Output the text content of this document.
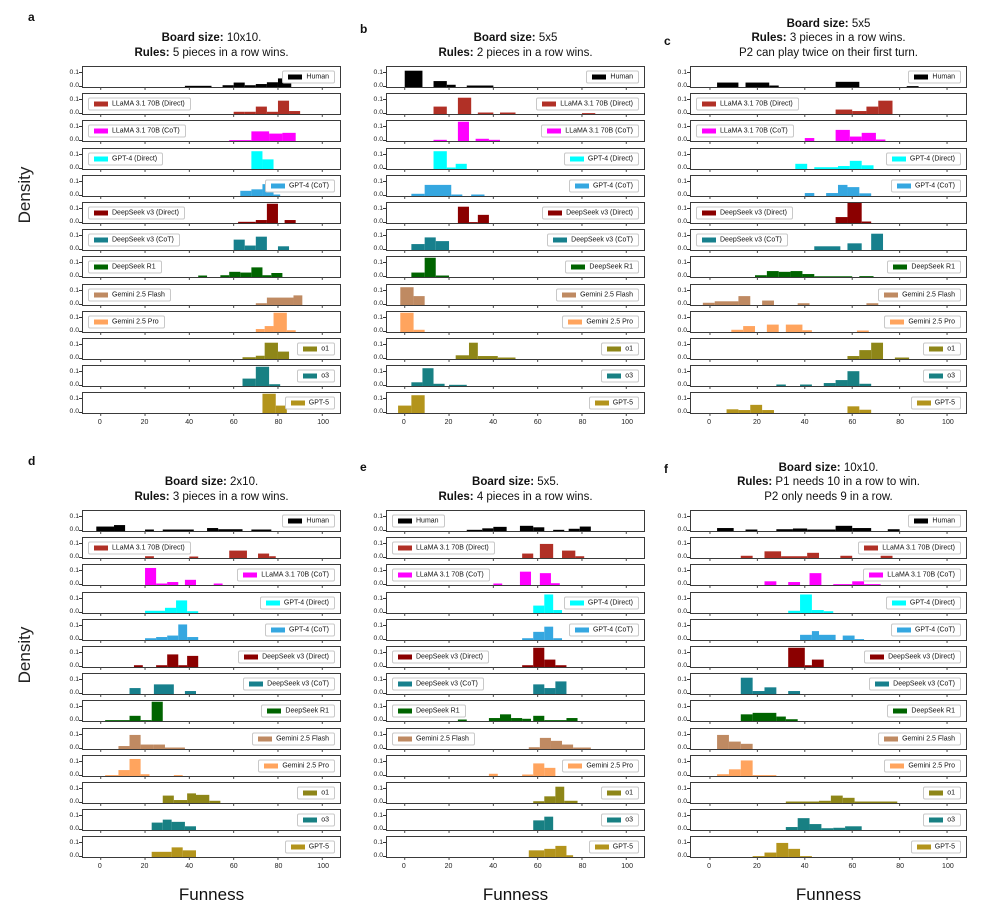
Density
Density
a
Board size: 10x10.
Rules: 5 pieces in a row wins.
0.1
0.0
Human
0.1
0.0
LLaMA 3.1 70B (Direct)
0.1
0.0
LLaMA 3.1 70B (CoT)
0.1
0.0
GPT-4 (Direct)
0.1
0.0
GPT-4 (CoT)
0.1
0.0
DeepSeek v3 (Direct)
0.1
0.0
DeepSeek v3 (CoT)
0.1
0.0
DeepSeek R1
0.1
0.0
Gemini 2.5 Flash
0.1
0.0
Gemini 2.5 Pro
0.1
0.0
o1
0.1
0.0
o3
0.1
0.0
GPT-5
0	20	40	60	80	100
b
Board size: 5x5
Rules: 2 pieces in a row wins.
0.1
0.0
Human
0.1
0.0
LLaMA 3.1 70B (Direct)
0.1
0.0
LLaMA 3.1 70B (CoT)
0.1
0.0
GPT-4 (Direct)
0.1
0.0
GPT-4 (CoT)
0.1
0.0
DeepSeek v3 (Direct)
0.1
0.0
DeepSeek v3 (CoT)
0.1
0.0
DeepSeek R1
0.1
0.0
Gemini 2.5 Flash
0.1
0.0
Gemini 2.5 Pro
0.1
0.0
o1
0.1
0.0
o3
0.1
0.0
GPT-5
0	20	40	60	80	100
c
Board size: 5x5
Rules: 3 pieces in a row wins.
P2 can play twice on their first turn.
0.1
0.0
Human
0.1
0.0
LLaMA 3.1 70B (Direct)
0.1
0.0
LLaMA 3.1 70B (CoT)
0.1
0.0
GPT-4 (Direct)
0.1
0.0
GPT-4 (CoT)
0.1
0.0
DeepSeek v3 (Direct)
0.1
0.0
DeepSeek v3 (CoT)
0.1
0.0
DeepSeek R1
0.1
0.0
Gemini 2.5 Flash
0.1
0.0
Gemini 2.5 Pro
0.1
0.0
o1
0.1
0.0
o3
0.1
0.0
GPT-5
0	20	40	60	80	100
d
Board size: 2x10.
Rules: 3 pieces in a row wins.
0.1
0.0
Human
0.1
0.0
LLaMA 3.1 70B (Direct)
0.1
0.0
LLaMA 3.1 70B (CoT)
0.1
0.0
GPT-4 (Direct)
0.1
0.0
GPT-4 (CoT)
0.1
0.0
DeepSeek v3 (Direct)
0.1
0.0
DeepSeek v3 (CoT)
0.1
0.0
DeepSeek R1
0.1
0.0
Gemini 2.5 Flash
0.1
0.0
Gemini 2.5 Pro
0.1
0.0
o1
0.1
0.0
o3
0.1
0.0
GPT-5
0	20	40	60	80	100
Funness
e
Board size: 5x5.
Rules: 4 pieces in a row wins.
0.1
0.0
Human
0.1
0.0
LLaMA 3.1 70B (Direct)
0.1
0.0
LLaMA 3.1 70B (CoT)
0.1
0.0
GPT-4 (Direct)
0.1
0.0
GPT-4 (CoT)
0.1
0.0
DeepSeek v3 (Direct)
0.1
0.0
DeepSeek v3 (CoT)
0.1
0.0
DeepSeek R1
0.1
0.0
Gemini 2.5 Flash
0.1
0.0
Gemini 2.5 Pro
0.1
0.0
o1
0.1
0.0
o3
0.1
0.0
GPT-5
0	20	40	60	80	100
Funness
f	Board size: 10x10.
Rules: P1 needs 10 in a row to win.
P2 only needs 9 in a row.
0.1
0.0
Human
0.1
0.0
LLaMA 3.1 70B (Direct)
0.1
0.0
LLaMA 3.1 70B (CoT)
0.1
0.0
GPT-4 (Direct)
0.1
0.0
GPT-4 (CoT)
0.1
0.0
DeepSeek v3 (Direct)
0.1
0.0
DeepSeek v3 (CoT)
0.1
0.0
DeepSeek R1
0.1
0.0
Gemini 2.5 Flash
0.1
0.0
Gemini 2.5 Pro
0.1
0.0
o1
0.1
0.0
o3
0.1
0.0
GPT-5
0	20	40	60	80	100
Funness
